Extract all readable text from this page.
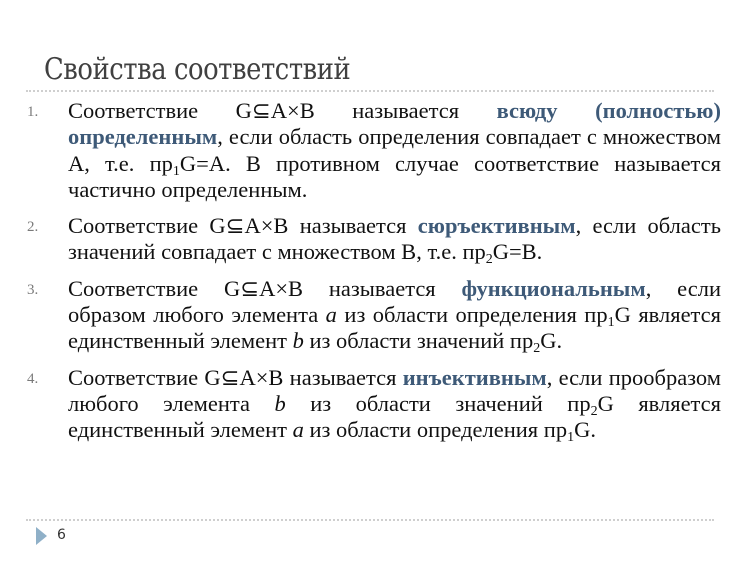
Свойства соответствий
1. Соответствие G⊆A×B называется всюду (полностью) определенным, если область определения совпадает с множеством A, т.е. $пр_1G=A$. В противном случае соответствие называется частично определенным.
2. Соответствие G⊆A×B называется сюръективным, если область значений совпадает с множеством B, т.е. $пр_2G=B$.
3. Соответствие G⊆A×B называется функциональным, если образом любого элемента a из области определения $пр_1G$ является единственный элемент b из области значений $пр_2G$.
4. Соответствие G⊆A×B называется инъективным, если прообразом любого элемента b из области значений $пр_2G$ является единственный элемент a из области определения $пр_1G$.
6
